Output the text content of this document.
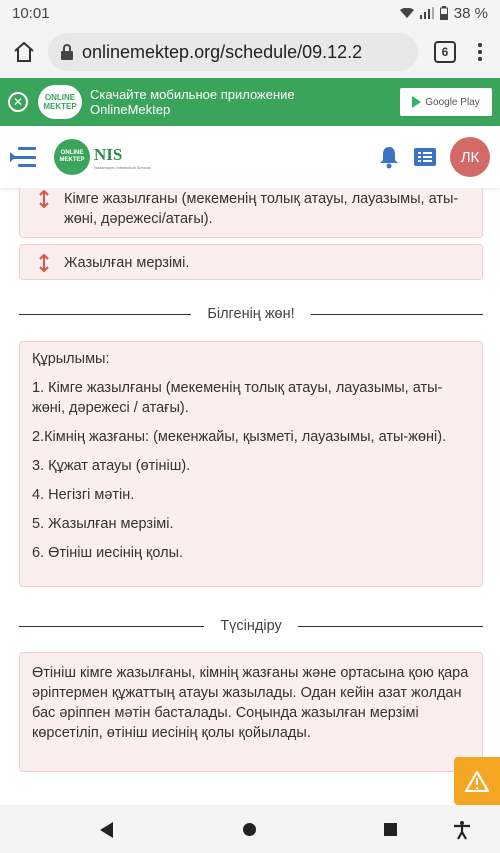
10:01	38 %
onlinemektep.org/schedule/09.12.2	6
✕	ONLINE
MEKTEP
Скачайте мобильное приложение
OnlineMektep	Google Play
ONLINE
MEKTEP NIS
Nazarbayev Intellectual Schools
ЛК
Кімге жазылғаны (мекеменің толық атауы, лауазымы, аты-жөні, дәрежесі/атағы).
Жазылған мерзімі.
Білгенің жөн!

Құрылымы:

1. Кімге жазылғаны (мекеменің толық атауы, лауазымы, аты-жөні, дәрежесі / атағы).

2.Кімнің жазғаны: (мекенжайы, қызметі, лауазымы, аты-жөні).

3. Құжат атауы (өтініш).

4. Негізгі мәтін.

5. Жазылған мерзімі.

6. Өтініш иесінің қолы.

Түсіндіру

Өтініш кімге жазылғаны, кімнің жазғаны және ортасына қою қара әріптермен құжаттың атауы жазылады. Одан кейін азат жолдан бас әріппен мәтін басталады. Соңында жазылған мерзімі көрсетіліп, өтініш иесінің қолы қойылады.
